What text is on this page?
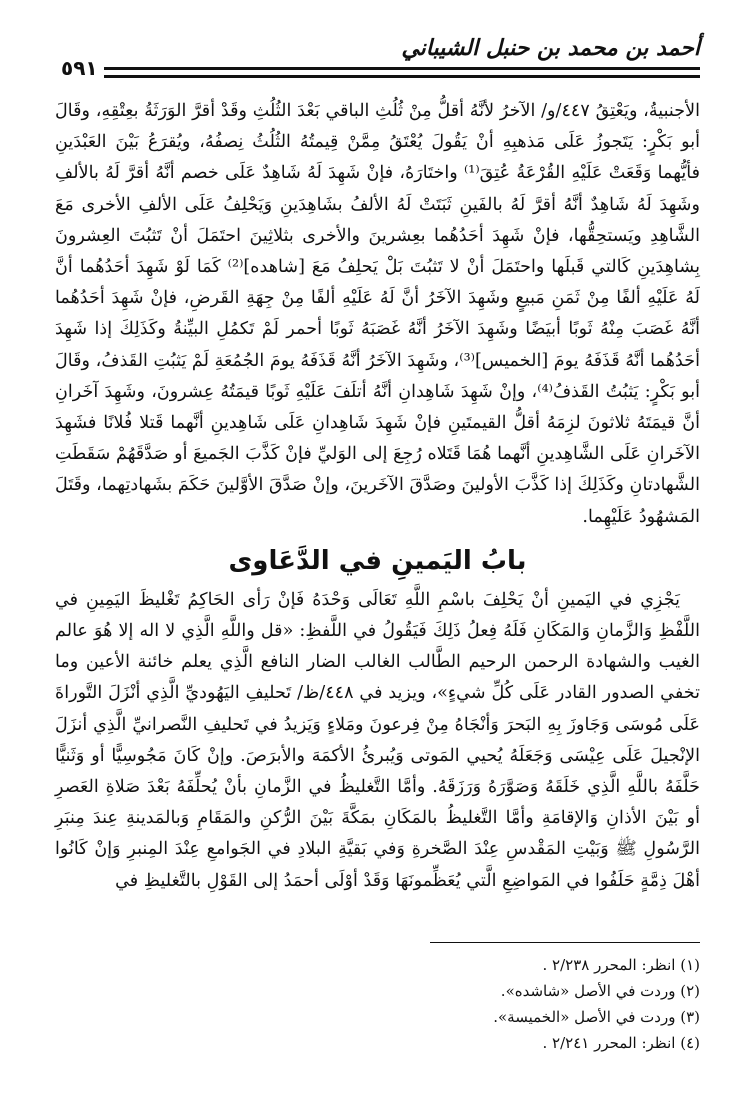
أحمد بن محمد بن حنبل الشيباني
٥٩١

الأجنبيةُ، ويَعْتِقُ ٤٤٧/و/ الآخرُ لأنَّهُ أقلُّ مِنْ ثُلُثِ الباقي بَعْدَ الثُلُثِ وقَدْ أقرَّ الوَرَثَةُ بعِتْقِهِ، وقَالَ أبو بَكْرٍ: يَتَجوزُ عَلَى مَذهبِهِ أنْ يَقُولَ يُعْتَقُ مِمَّنْ قِيمتُهُ الثُلُثُ نِصفُهُ، ويُقرَعُ بَيْنَ العَبْدَينِ فأيُّهما وَقَعَتْ عَلَيْهِ القُرْعَةُ عُتِقَ⁽¹⁾ واختَارَهُ، فإنْ شَهِدَ لَهُ شَاهِدٌ عَلَى خصم أنَّهُ أقرَّ لَهُ بالألفِ وشَهِدَ لَهُ شَاهِدٌ أنَّهُ أقرَّ لَهُ بالفَينِ ثَبَتَتْ لَهُ الألفُ بشَاهِدَينِ وَيَحْلِفُ عَلَى الألفِ الأخرى مَعَ الشَّاهِدِ ويَستحِقُّها، فإنْ شَهِدَ أحَدُهُما بعِشرينَ والأخرى بثلاثِينَ احتَمَلَ أنْ تَثبُتَ العِشرونَ بِشاهِدَينِ كَالتي قَبلَها واحتَمَلَ أنْ لا تَثبُتَ بَلْ يَحلِفُ مَعَ [شاهده]⁽²⁾ كَمَا لَوْ شَهِدَ أحَدُهُما أنَّ لَهُ عَلَيْهِ ألفًا مِنْ ثَمَنِ مَبيعٍ وشَهِدَ الآخَرُ أنَّ لَهُ عَلَيْهِ ألفًا مِنْ جِهَةِ القَرضِ، فإنْ شَهِدَ أحَدُهُما أنَّهُ غَصَبَ مِنْهُ ثَوبًا أبيَضًا وشَهِدَ الآخَرُ أنَّهُ غَصَبَهُ ثَوبًا أحمر لَمْ تَكمُلِ البيِّنةُ وكَذَلِكَ إذا شَهِدَ أحَدُهُما أنَّهُ قَذَفَهُ يومَ [الخميس]⁽³⁾، وشَهِدَ الآخَرُ أنَّهُ قَذَفَهُ يومَ الجُمُعَةِ لَمْ يَثبُتِ القَذفُ، وقَالَ أبو بَكْرٍ: يَثبُتُ القَذفُ⁽⁴⁾، وإنْ شَهِدَ شَاهِدانِ أنَّهُ أتلَفَ عَلَيْهِ ثَوبًا قيمَتُهُ عِشرونَ، وشَهِدَ آخَرانِ أنَّ قيمَتَهُ ثلاثونَ لزِمَهُ أقلُّ القيمتَينِ فإنْ شَهِدَ شَاهِدانِ عَلَى شَاهِدينِ أنَّهما قَتلا فُلانًا فشَهِدَ الآخَرانِ عَلَى الشَّاهِدينِ أنَّهما هُمَا قَتَلاه رُجِعَ إلى الوَليِّ فإنْ كَذَّبَ الجَميعَ أو صَدَّقَهُمْ سَقَطَتِ الشَّهادتانِ وكَذَلِكَ إذا كَذَّبَ الأولينَ وصَدَّقَ الآخَرينَ، وإنْ صَدَّقَ الأوَّلينَ حَكَمَ بشَهادتِهما، وقَتَلَ المَشهُودُ عَلَيْهِما.

بابُ اليَمينِ في الدَّعَاوى

يَجْزِي في اليَمينِ أنْ يَحْلِفَ باسْمِ اللَّهِ تَعَالَى وَحْدَهُ فَإنْ رَأى الحَاكِمُ تَغْليظَ اليَمِينِ في اللَّفْظِ وَالزَّمانِ وَالمَكَانِ فَلَهُ فِعلُ ذَلِكَ فَيَقُولُ في اللَّفظِ: «قل واللَّهِ الَّذِي لا اله إلا هُوَ عالم الغيب والشهادة الرحمن الرحيم الطَّالب الغالب الضار النافع الَّذِي يعلم خائنة الأعين وما تخفي الصدور القادر عَلَى كُلِّ شيءٍ»، ويزيد في ٤٤٨/ظ/ تَحليفِ اليَهُوديِّ الَّذِي أنْزَلَ التَّوراةَ عَلَى مُوسَى وَجَاوزَ بِهِ البَحرَ وَأنْجَاهُ مِنْ فِرعونَ ومَلاءٍ وَيَزيدُ في تَحليفِ النَّصرانيِّ الَّذِي أنزَلَ الإنْجيلَ عَلَى عِيْسَى وَجَعَلَهُ يُحيي المَوتى وَيُبرئُ الأكمَهَ والأبرَصَ. وإنْ كَانَ مَجُوسِيًّا أو وَثَنيًّا حَلَّفَهُ باللَّهِ الَّذِي خَلَقَهُ وَصَوَّرَهُ وَرَزَقَهُ. وأمَّا التَّغليظُ في الزَّمانِ بأنْ يُحلِّفَهُ بَعْدَ صَلاةِ العَصرِ أو بَيْنَ الأذانِ وَالإقامَةِ وأمَّا التَّغليظُ بالمَكَانِ بمَكَّةَ بَيْنَ الرُّكنِ والمَقَامِ وَبالمَدينةِ عِندَ مِنبَرِ الرَّسُولِ ﷺ وَبَيْتِ المَقْدسِ عِنْدَ الصَّخرةِ وَفي بَقيَّةِ البلادِ في الجَوامعِ عِنْدَ المِنبرِ وَإنْ كَانُوا أهْلَ ذِمَّةٍ حَلَفُوا في المَواضِعِ الَّتي يُعَظِّمونَهَا وَقَدْ أوْلَى أحمَدُ إلى القَوْلِ بالتَّغليظِ في

(١) انظر: المحرر ٢/٢٣٨ .
(٢) وردت في الأصل «شاشده».
(٣) وردت في الأصل «الخميسة».
(٤) انظر: المحرر ٢/٢٤١ .
